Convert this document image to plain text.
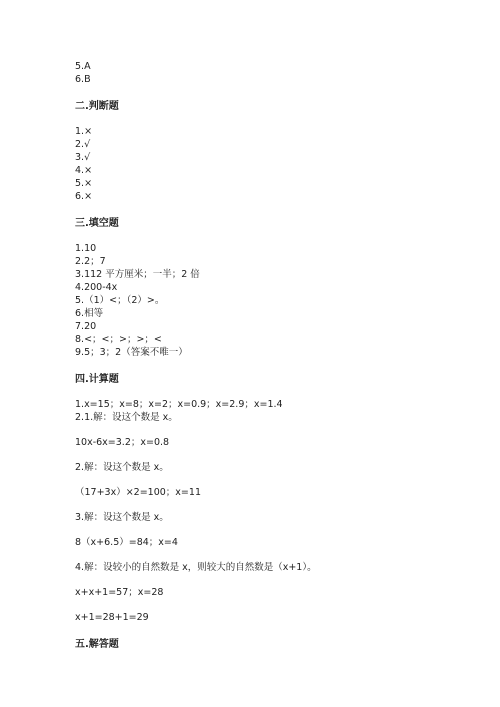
5.A
6.B
二.判断题
1.×
2.√
3.√
4.×
5.×
6.×
三.填空题
1.10
2.2；7
3.112 平方厘米；一半；2 倍
4.200-4x
5.（1）<；（2）>。
6.相等
7.20
8.<；<；>；>；<
9.5；3；2（答案不唯一）
四.计算题
1.x=15；x=8；x=2；x=0.9；x=2.9；x=1.4
2.1.解：设这个数是 x。
10x-6x=3.2；x=0.8
2.解：设这个数是 x。
（17+3x）×2=100；x=11
3.解：设这个数是 x。
8（x+6.5）=84；x=4
4.解：设较小的自然数是 x，则较大的自然数是（x+1）。
x+x+1=57；x=28
x+1=28+1=29
五.解答题
